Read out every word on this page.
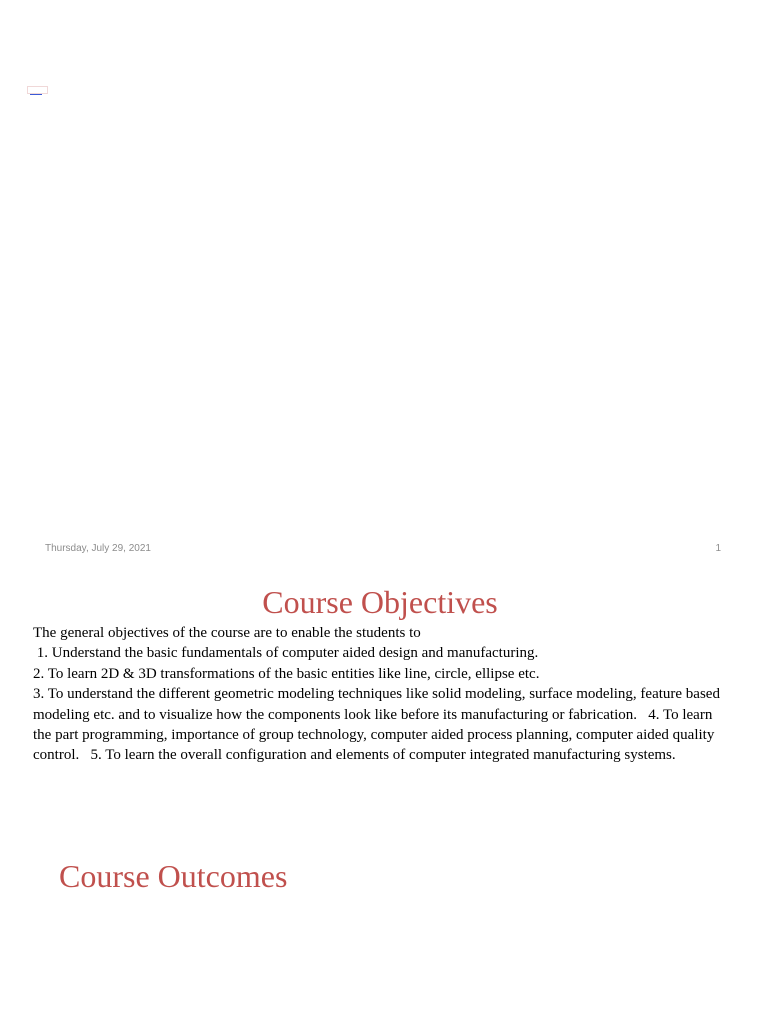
Thursday, July 29, 2021	1
Course Objectives

The general objectives of the course are to enable the students to

1. Understand the basic fundamentals of computer aided design and manufacturing.

2. To learn 2D & 3D transformations of the basic entities like line, circle, ellipse etc.

3. To understand the different geometric modeling techniques like solid modeling, surface modeling, feature based modeling etc. and to visualize how the components look like before its manufacturing or fabrication.   4. To learn the part programming, importance of group technology, computer aided process planning, computer aided quality control.   5. To learn the overall configuration and elements of computer integrated manufacturing systems.

Course Outcomes
